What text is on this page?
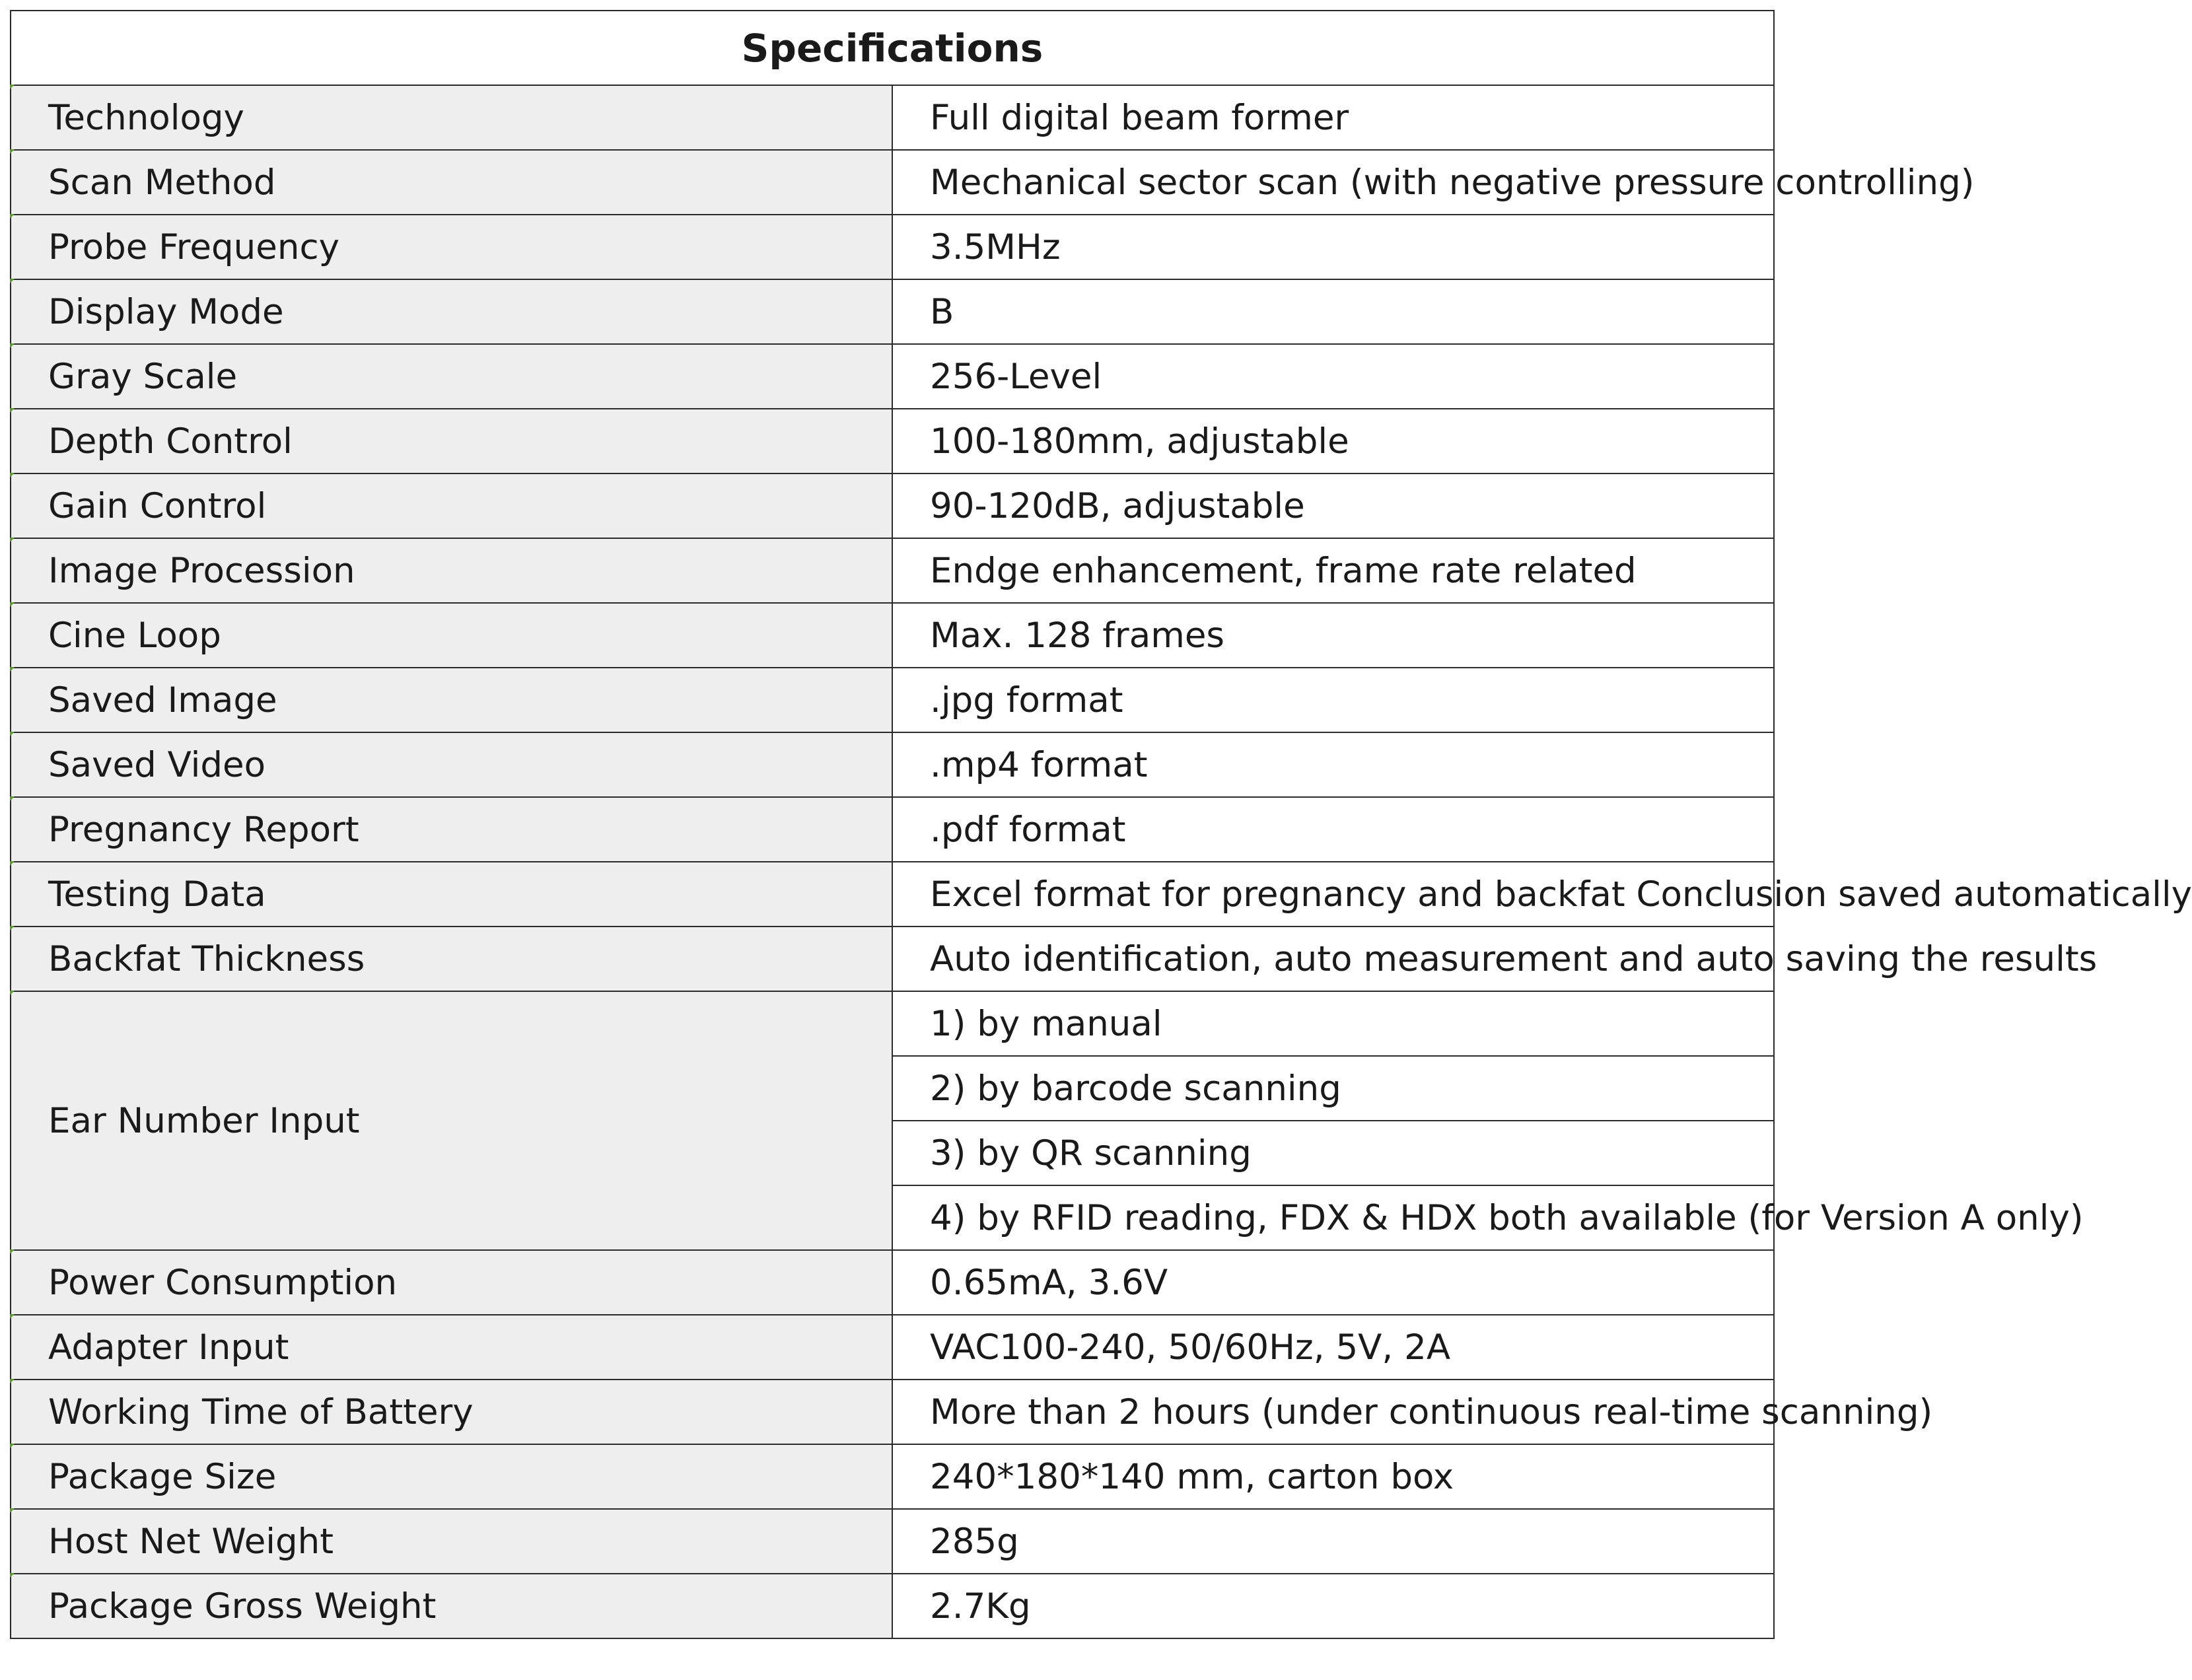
Specifications	
Technology	Full digital beam former
Scan Method	Mechanical sector scan (with negative pressure controlling)
Probe Frequency	3.5MHz
Display Mode	B
Gray Scale	256-Level
Depth Control	100-180mm, adjustable
Gain Control	90-120dB, adjustable
Image Procession	Endge enhancement, frame rate related
Cine Loop	Max. 128 frames
Saved Image	.jpg format
Saved Video	.mp4 format
Pregnancy Report	.pdf format
Testing Data	Excel format for pregnancy and backfat Conclusion saved automatically
Backfat Thickness	Auto identification, auto measurement and auto saving the results
Ear Number Input	1) by manual
	2) by barcode scanning
	3) by QR scanning
	4) by RFID reading, FDX & HDX both available (for Version A only)
Power Consumption	0.65mA, 3.6V
Adapter Input	VAC100-240, 50/60Hz, 5V, 2A
Working Time of Battery	More than 2 hours (under continuous real-time scanning)
Package Size	240*180*140 mm, carton box
Host Net Weight	285g
Package Gross Weight	2.7Kg
